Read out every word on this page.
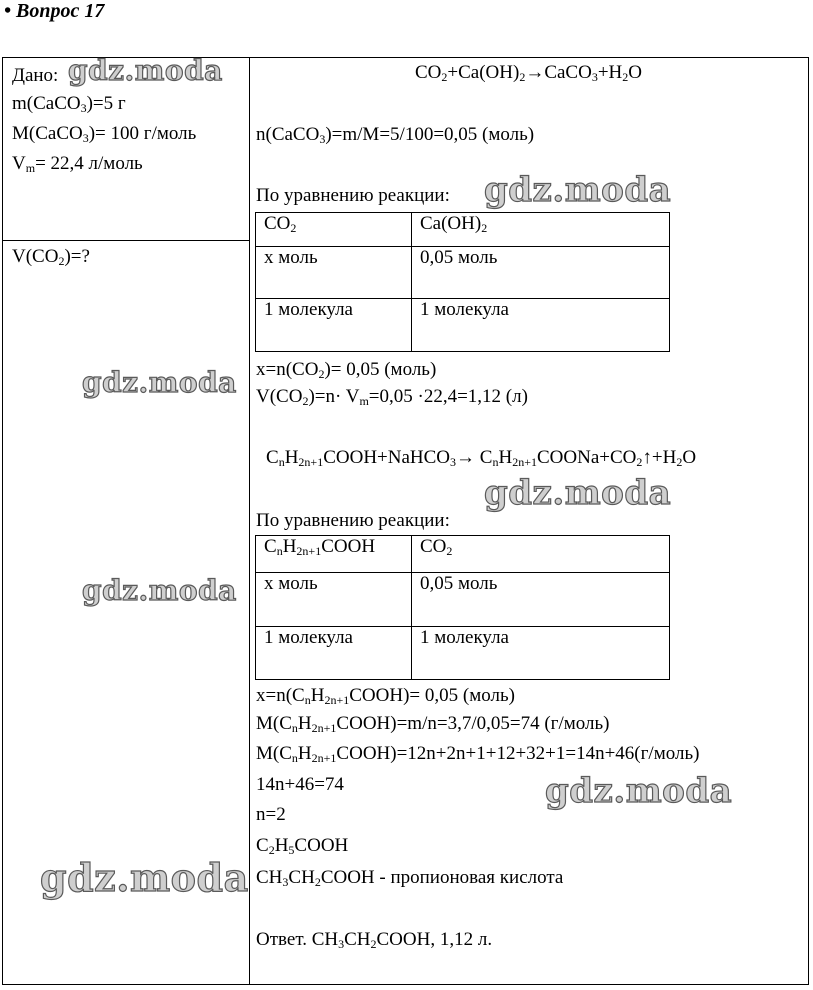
• Вопрос 17
Дано:
m(CaCO$_3$)=5 г
M(CaCO$_3$)= 100 г/моль
$V_m= 22,4$ л/моль
$V(CO_2)=$?
$CO_2+Ca(OH)_2\to CaCO_3+H_2O$
n(CaCO$_3$)=m/M=5/100=0,05 (моль)
По уравнению реакции:
$CO_2$	$Ca(OH)_2$
x моль	0,05 моль
1 молекула	1 молекула
$x=n(CO_2)= 0,05$ (моль)
$V(CO_2)=n\cdot V_m=0,05 \cdot 22,4=1,12$ (л)
$C_nH_{2n+1}COOH+NaHCO_3\to$ $C_nH_{2n+1}COONa+CO_2↑+H_2O$
По уравнению реакции:
$C_nH_{2n+1}COOH$	$CO_2$
x моль	0,05 моль
1 молекула	1 молекула
$x=n(C_nH_{2n+1}COOH)= 0,05$ (моль)
$M(C_nH_{2n+1}COOH)=m/n=3,7/0,05=74$ (г/моль)
$M(C_nH_{2n+1}COOH)=12n+2n+1+12+32+1=14n+46(г/моль)$
14n+46=74
n=2
$C_2H_5COOH$
$CH_3CH_2COOH$ - пропионовая кислота
Ответ. $CH_3CH_2COOH$, 1,12 л.
gdz.moda
gdz.moda
gdz.moda
gdz.moda
gdz.moda
gdz.moda
gdz.moda
